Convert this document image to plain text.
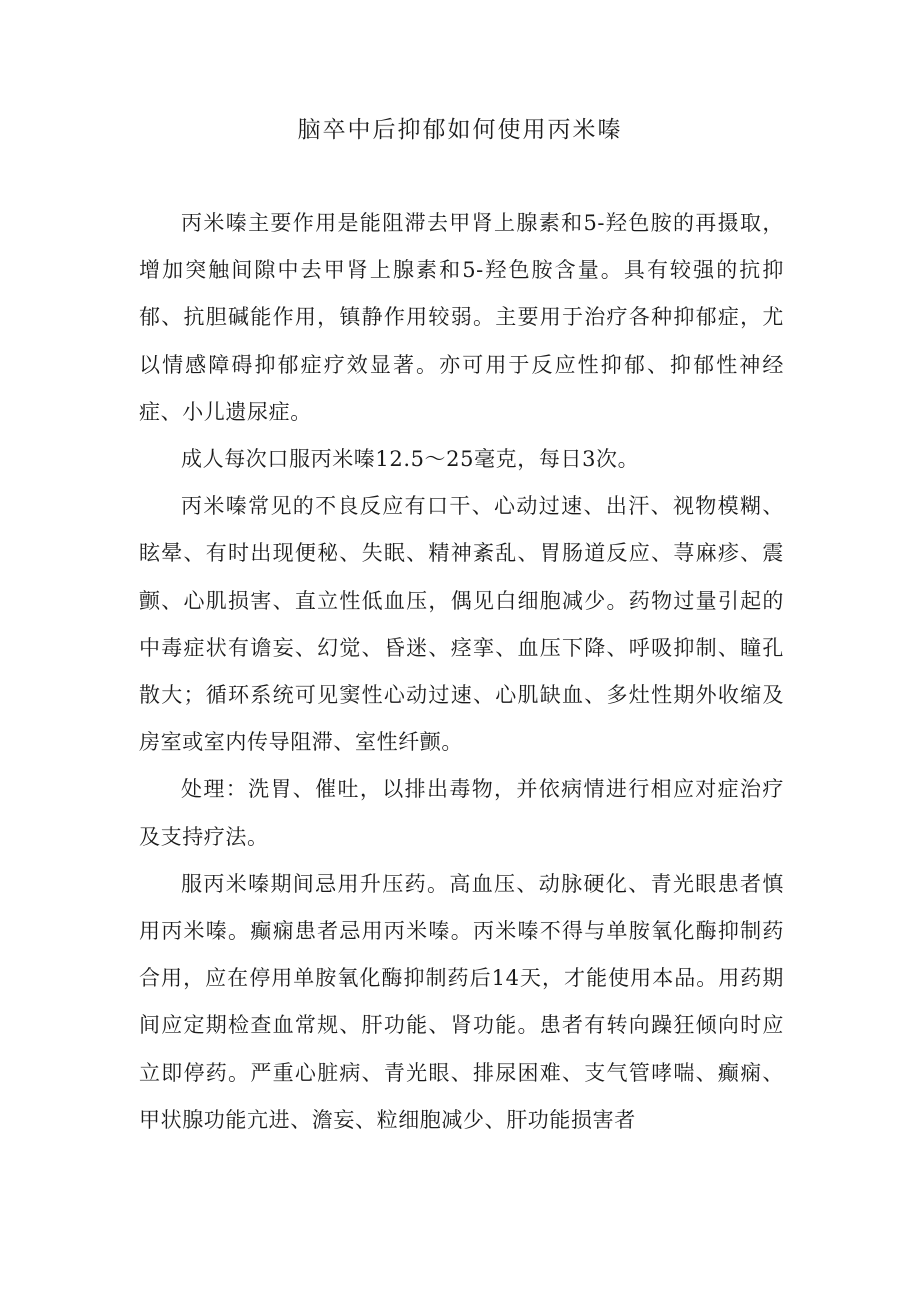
脑卒中后抑郁如何使用丙米嗪

丙米嗪主要作用是能阻滞去甲肾上腺素和5-羟色胺的再摄取，增加突触间隙中去甲肾上腺素和5-羟色胺含量。具有较强的抗抑郁、抗胆碱能作用，镇静作用较弱。主要用于治疗各种抑郁症，尤以情感障碍抑郁症疗效显著。亦可用于反应性抑郁、抑郁性神经症、小儿遗尿症。

成人每次口服丙米嗪12.5～25毫克，每日3次。

丙米嗪常见的不良反应有口干、心动过速、出汗、视物模糊、眩晕、有时出现便秘、失眠、精神紊乱、胃肠道反应、荨麻疹、震颤、心肌损害、直立性低血压，偶见白细胞减少。药物过量引起的中毒症状有谵妄、幻觉、昏迷、痉挛、血压下降、呼吸抑制、瞳孔散大；循环系统可见窦性心动过速、心肌缺血、多灶性期外收缩及房室或室内传导阻滞、室性纤颤。

处理：洗胃、催吐，以排出毒物，并依病情进行相应对症治疗及支持疗法。

服丙米嗪期间忌用升压药。高血压、动脉硬化、青光眼患者慎用丙米嗪。癫痫患者忌用丙米嗪。丙米嗪不得与单胺氧化酶抑制药合用，应在停用单胺氧化酶抑制药后14天，才能使用本品。用药期间应定期检查血常规、肝功能、肾功能。患者有转向躁狂倾向时应立即停药。严重心脏病、青光眼、排尿困难、支气管哮喘、癫痫、甲状腺功能亢进、澹妄、粒细胞减少、肝功能损害者
